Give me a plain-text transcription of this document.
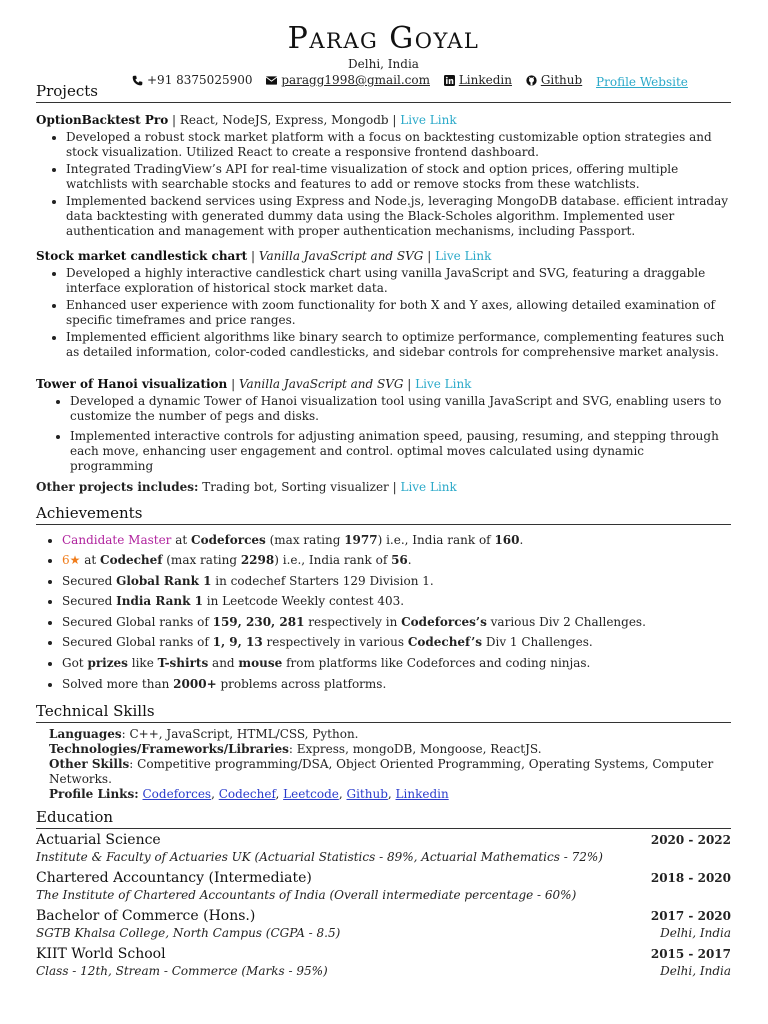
Parag Goyal
Delhi, India
+91 8375025900
paragg1998@gmail.com
Linkedin
Github
Profile Website
Projects
OptionBacktest Pro | React, NodeJS, Express, Mongodb | Live Link
• Developed a robust stock market platform with a focus on backtesting customizable option strategies and stock visualization. Utilized React to create a responsive frontend dashboard.
• Integrated TradingView’s API for real-time visualization of stock and option prices, offering multiple watchlists with searchable stocks and features to add or remove stocks from these watchlists.
• Implemented backend services using Express and Node.js, leveraging MongoDB database. efficient intraday data backtesting with generated dummy data using the Black-Scholes algorithm. Implemented user authentication and management with proper authentication mechanisms, including Passport.
Stock market candlestick chart | Vanilla JavaScript and SVG | Live Link
• Developed a highly interactive candlestick chart using vanilla JavaScript and SVG, featuring a draggable interface exploration of historical stock market data.
• Enhanced user experience with zoom functionality for both X and Y axes, allowing detailed examination of specific timeframes and price ranges.
• Implemented efficient algorithms like binary search to optimize performance, complementing features such as detailed information, color-coded candlesticks, and sidebar controls for comprehensive market analysis.
Tower of Hanoi visualization | Vanilla JavaScript and SVG | Live Link
• Developed a dynamic Tower of Hanoi visualization tool using vanilla JavaScript and SVG, enabling users to customize the number of pegs and disks.
• Implemented interactive controls for adjusting animation speed, pausing, resuming, and stepping through each move, enhancing user engagement and control. optimal moves calculated using dynamic programming
Other projects includes: Trading bot, Sorting visualizer | Live Link
Achievements
• Candidate Master at Codeforces (max rating 1977) i.e., India rank of 160.
• 6★ at Codechef (max rating 2298) i.e., India rank of 56.
• Secured Global Rank 1 in codechef Starters 129 Division 1.
• Secured India Rank 1 in Leetcode Weekly contest 403.
• Secured Global ranks of 159, 230, 281 respectively in Codeforces’s various Div 2 Challenges.
• Secured Global ranks of 1, 9, 13 respectively in various Codechef’s Div 1 Challenges.
• Got prizes like T-shirts and mouse from platforms like Codeforces and coding ninjas.
• Solved more than 2000+ problems across platforms.
Technical Skills
Languages: C++, JavaScript, HTML/CSS, Python.
Technologies/Frameworks/Libraries: Express, mongoDB, Mongoose, ReactJS.
Other Skills: Competitive programming/DSA, Object Oriented Programming, Operating Systems, Computer Networks.
Profile Links: Codeforces, Codechef, Leetcode, Github, Linkedin
Education
Actuarial Science	2020 - 2022
Institute & Faculty of Actuaries UK (Actuarial Statistics - 89%, Actuarial Mathematics - 72%)
Chartered Accountancy (Intermediate)	2018 - 2020
The Institute of Chartered Accountants of India (Overall intermediate percentage - 60%)
Bachelor of Commerce (Hons.)	2017 - 2020
SGTB Khalsa College, North Campus (CGPA - 8.5)	Delhi, India
KIIT World School	2015 - 2017
Class - 12th, Stream - Commerce (Marks - 95%)	Delhi, India
